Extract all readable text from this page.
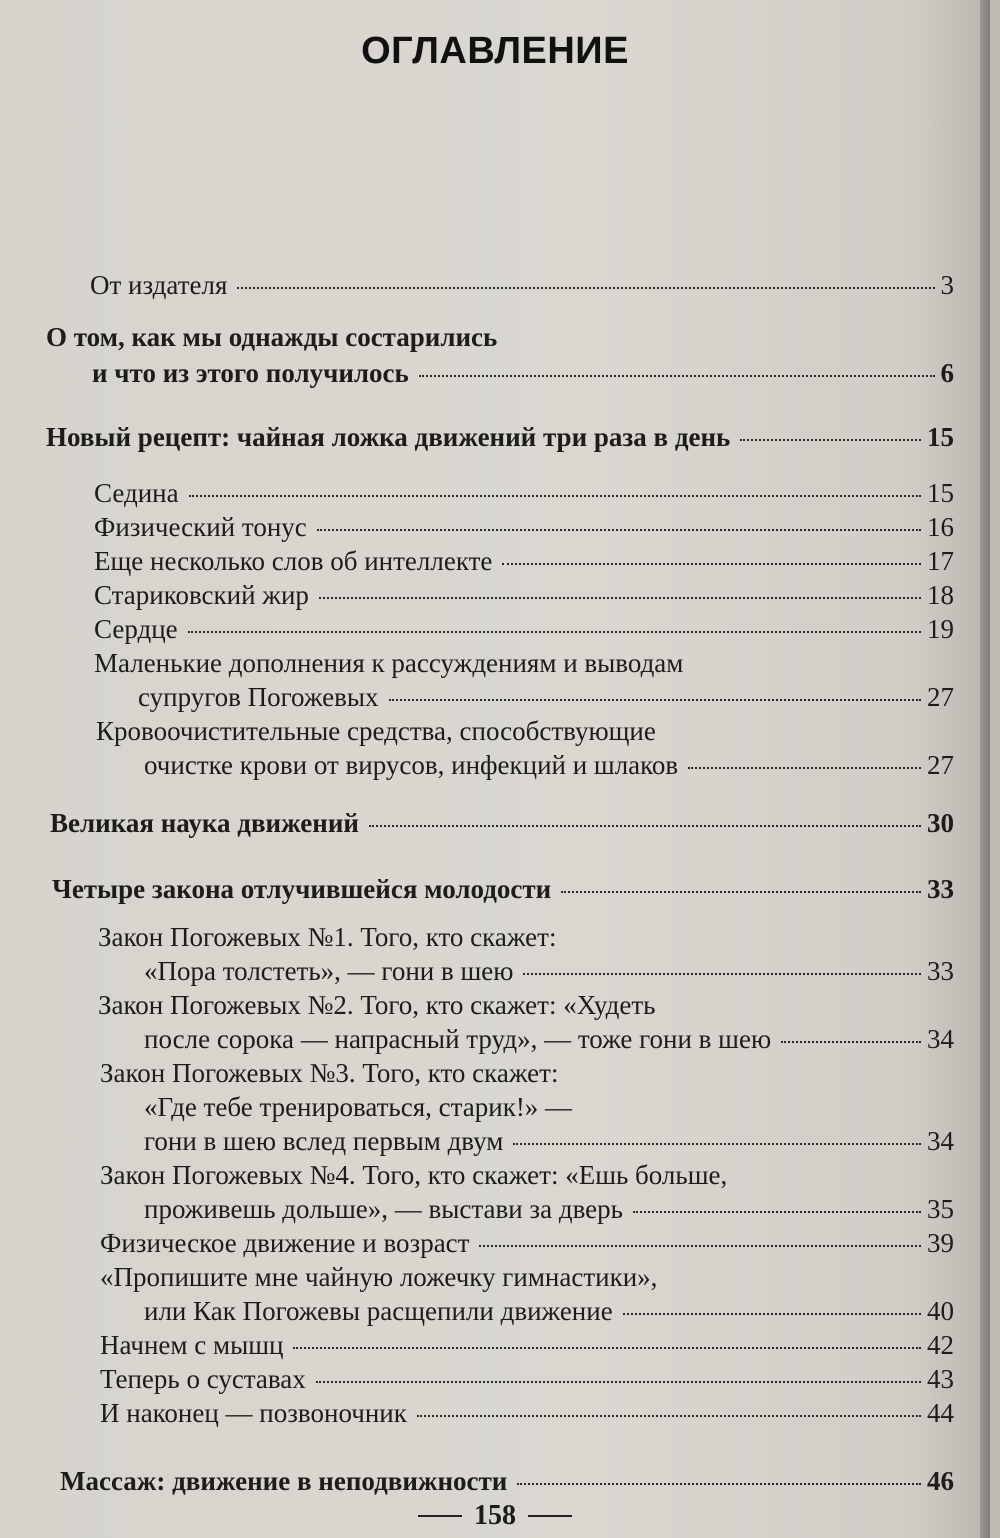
ОГЛАВЛЕНИЕ
От издателя	3
О том, как мы однажды состарились
и что из этого получилось	6
Новый рецепт: чайная ложка движений три раза в день	15
Седина	15
Физический тонус	16
Еще несколько слов об интеллекте	17
Стариковский жир	18
Сердце	19
Маленькие дополнения к рассуждениям и выводам
супругов Погожевых	27
Кровоочистительные средства, способствующие
очистке крови от вирусов, инфекций и шлаков	27
Великая наука движений	30
Четыре закона отлучившейся молодости	33
Закон Погожевых №1. Того, кто скажет:
«Пора толстеть», — гони в шею	33
Закон Погожевых №2. Того, кто скажет: «Худеть
после сорока — напрасный труд», — тоже гони в шею	34
Закон Погожевых №3. Того, кто скажет:
«Где тебе тренироваться, старик!» —
гони в шею вслед первым двум	34
Закон Погожевых №4. Того, кто скажет: «Ешь больше,
проживешь дольше», — выстави за дверь	35
Физическое движение и возраст	39
«Пропишите мне чайную ложечку гимнастики»,
или Как Погожевы расщепили движение	40
Начнем с мышц	42
Теперь о суставах	43
И наконец — позвоночник	44
Массаж: движение в неподвижности	46
158
